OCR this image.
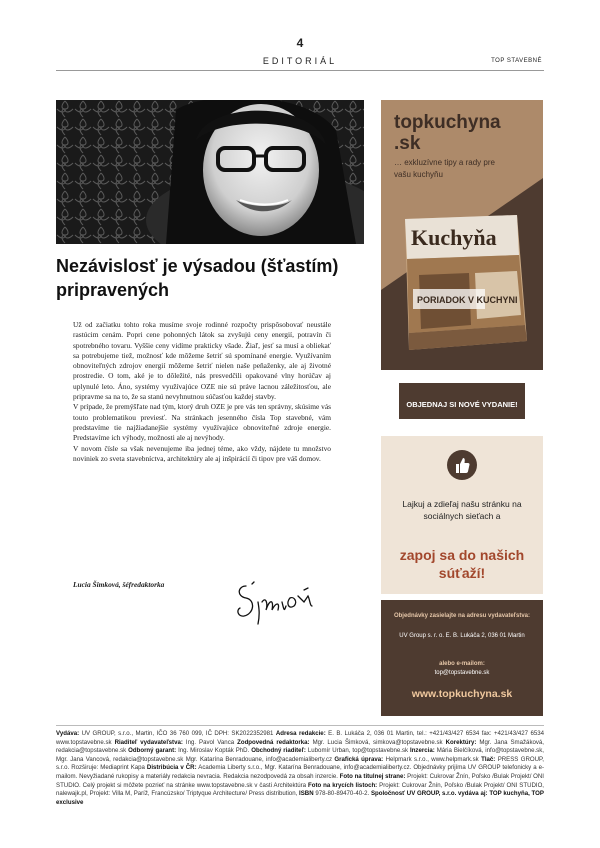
4
EDITORIÁL	TOP STAVEBNÉ
Nezávislosť je výsadou (šťastím) pripravených

Už od začiatku tohto roka musíme svoje rodinné rozpočty prispôsobovať neustále rastúcim cenám. Popri cene pohonných látok sa zvyšujú ceny energií, potravín či spotrebného tovaru. Vyššie ceny vidíme prakticky všade. Žiaľ, jesť sa musí a obliekať sa potrebujeme tiež, možnosť kde môžeme šetriť sú spomínané energie. Využívaním obnoviteľných zdrojov energií môžeme šetriť nielen naše peňaženky, ale aj životné prostredie. O tom, aké je to dôležité, nás presvedčili opakované vlny horúčav aj uplynulé leto. Áno, systémy využívajúce OZE nie sú práve lacnou záležitosťou, ale pripravme sa na to, že sa stanú nevyhnutnou súčasťou každej stavby.

V prípade, že premýšľate nad tým, ktorý druh OZE je pre vás ten správny, skúsime vás touto problematikou previesť. Na stránkach jesenného čísla Top stavebné, vám predstavíme tie najžiadanejšie systémy využívajúce obnoviteľné zdroje energie. Predstavíme ich výhody, možnosti ale aj nevýhody.

V novom čísle sa však nevenujeme iba jednej téme, ako vždy, nájdete tu množstvo noviniek zo sveta stavebníctva, architektúry ale aj inšpirácií či tipov pre váš domov.

Lucia Šimková, šéfredaktorka
topkuchyna
.sk
… exkluzívne tipy a rady pre vašu kuchyňu
Kuchyňa
PORIADOK V KUCHYNI
OBJEDNAJ SI NOVÉ VYDANIE!
Lajkuj a zdieľaj našu stránku na sociálnych sieťach a
zapoj sa do našich súťaží!
Objednávky zasielajte na adresu vydavateľstva:
UV Group s. r. o. E. B. Lukáča 2, 036 01 Martin
alebo e-mailom:
top@topstavebne.sk
www.topkuchyna.sk
Vydáva: UV GROUP, s.r.o., Martin, IČO 36 760 099, IČ DPH: SK2022352981 Adresa redakcie: E. B. Lukáča 2, 036 01 Martin, tel.: +421/43/427 6534 fax: +421/43/427 6534 www.topstavebne.sk Riaditeľ vydavateľstva: Ing. Pavol Vanca Zodpovedná redaktorka: Mgr. Lucia Šimková, simkova@topstavebne.sk Korektúry: Mgr. Jana Smažáková, redakcia@topstavebne.sk Odborný garant: Ing. Miroslav Kopták PhD. Obchodný riaditeľ: Lubomír Urban, top@topstavebne.sk Inzercia: Mária Bielčíková, info@topstavebne.sk, Mgr. Jana Vancová, redakcia@topstavebne.sk Mgr. Katarína Benradouane, info@academialiberty.cz Grafická úprava: Helpmark s.r.o., www.helpmark.sk Tlač: PRESS GROUP, s.r.o. Rozširuje: Mediaprint Kapa Distribúcia v ČR: Academia Liberty s.r.o., Mgr. Katarína Benradouane, info@academialiberty.cz. Objednávky prijíma UV GROUP telefonicky a e-mailom. Nevyžiadané rukopisy a materiály redakcia nevracia. Redakcia nezodpovedá za obsah inzercie. Foto na titulnej strane: Projekt: Cukrovar Žnín, Poľsko /Bulak Projekt/ ONI STUDIO. Celý projekt si môžete pozrieť na stránke www.topstavebne.sk v časti Architektúra Foto na krycích listoch: Projekt: Cukrovar Žnín, Poľsko /Bulak Projekt/ ONI STUDIO, nalewajk.pl, Projekt: Villa M, Paríž, Francúzsko/ Triptyque Architecture/ Press distribution, ISBN 978-80-89470-40-2. Spoločnosť UV GROUP, s.r.o. vydáva aj: TOP kuchyňa, TOP exclusive
